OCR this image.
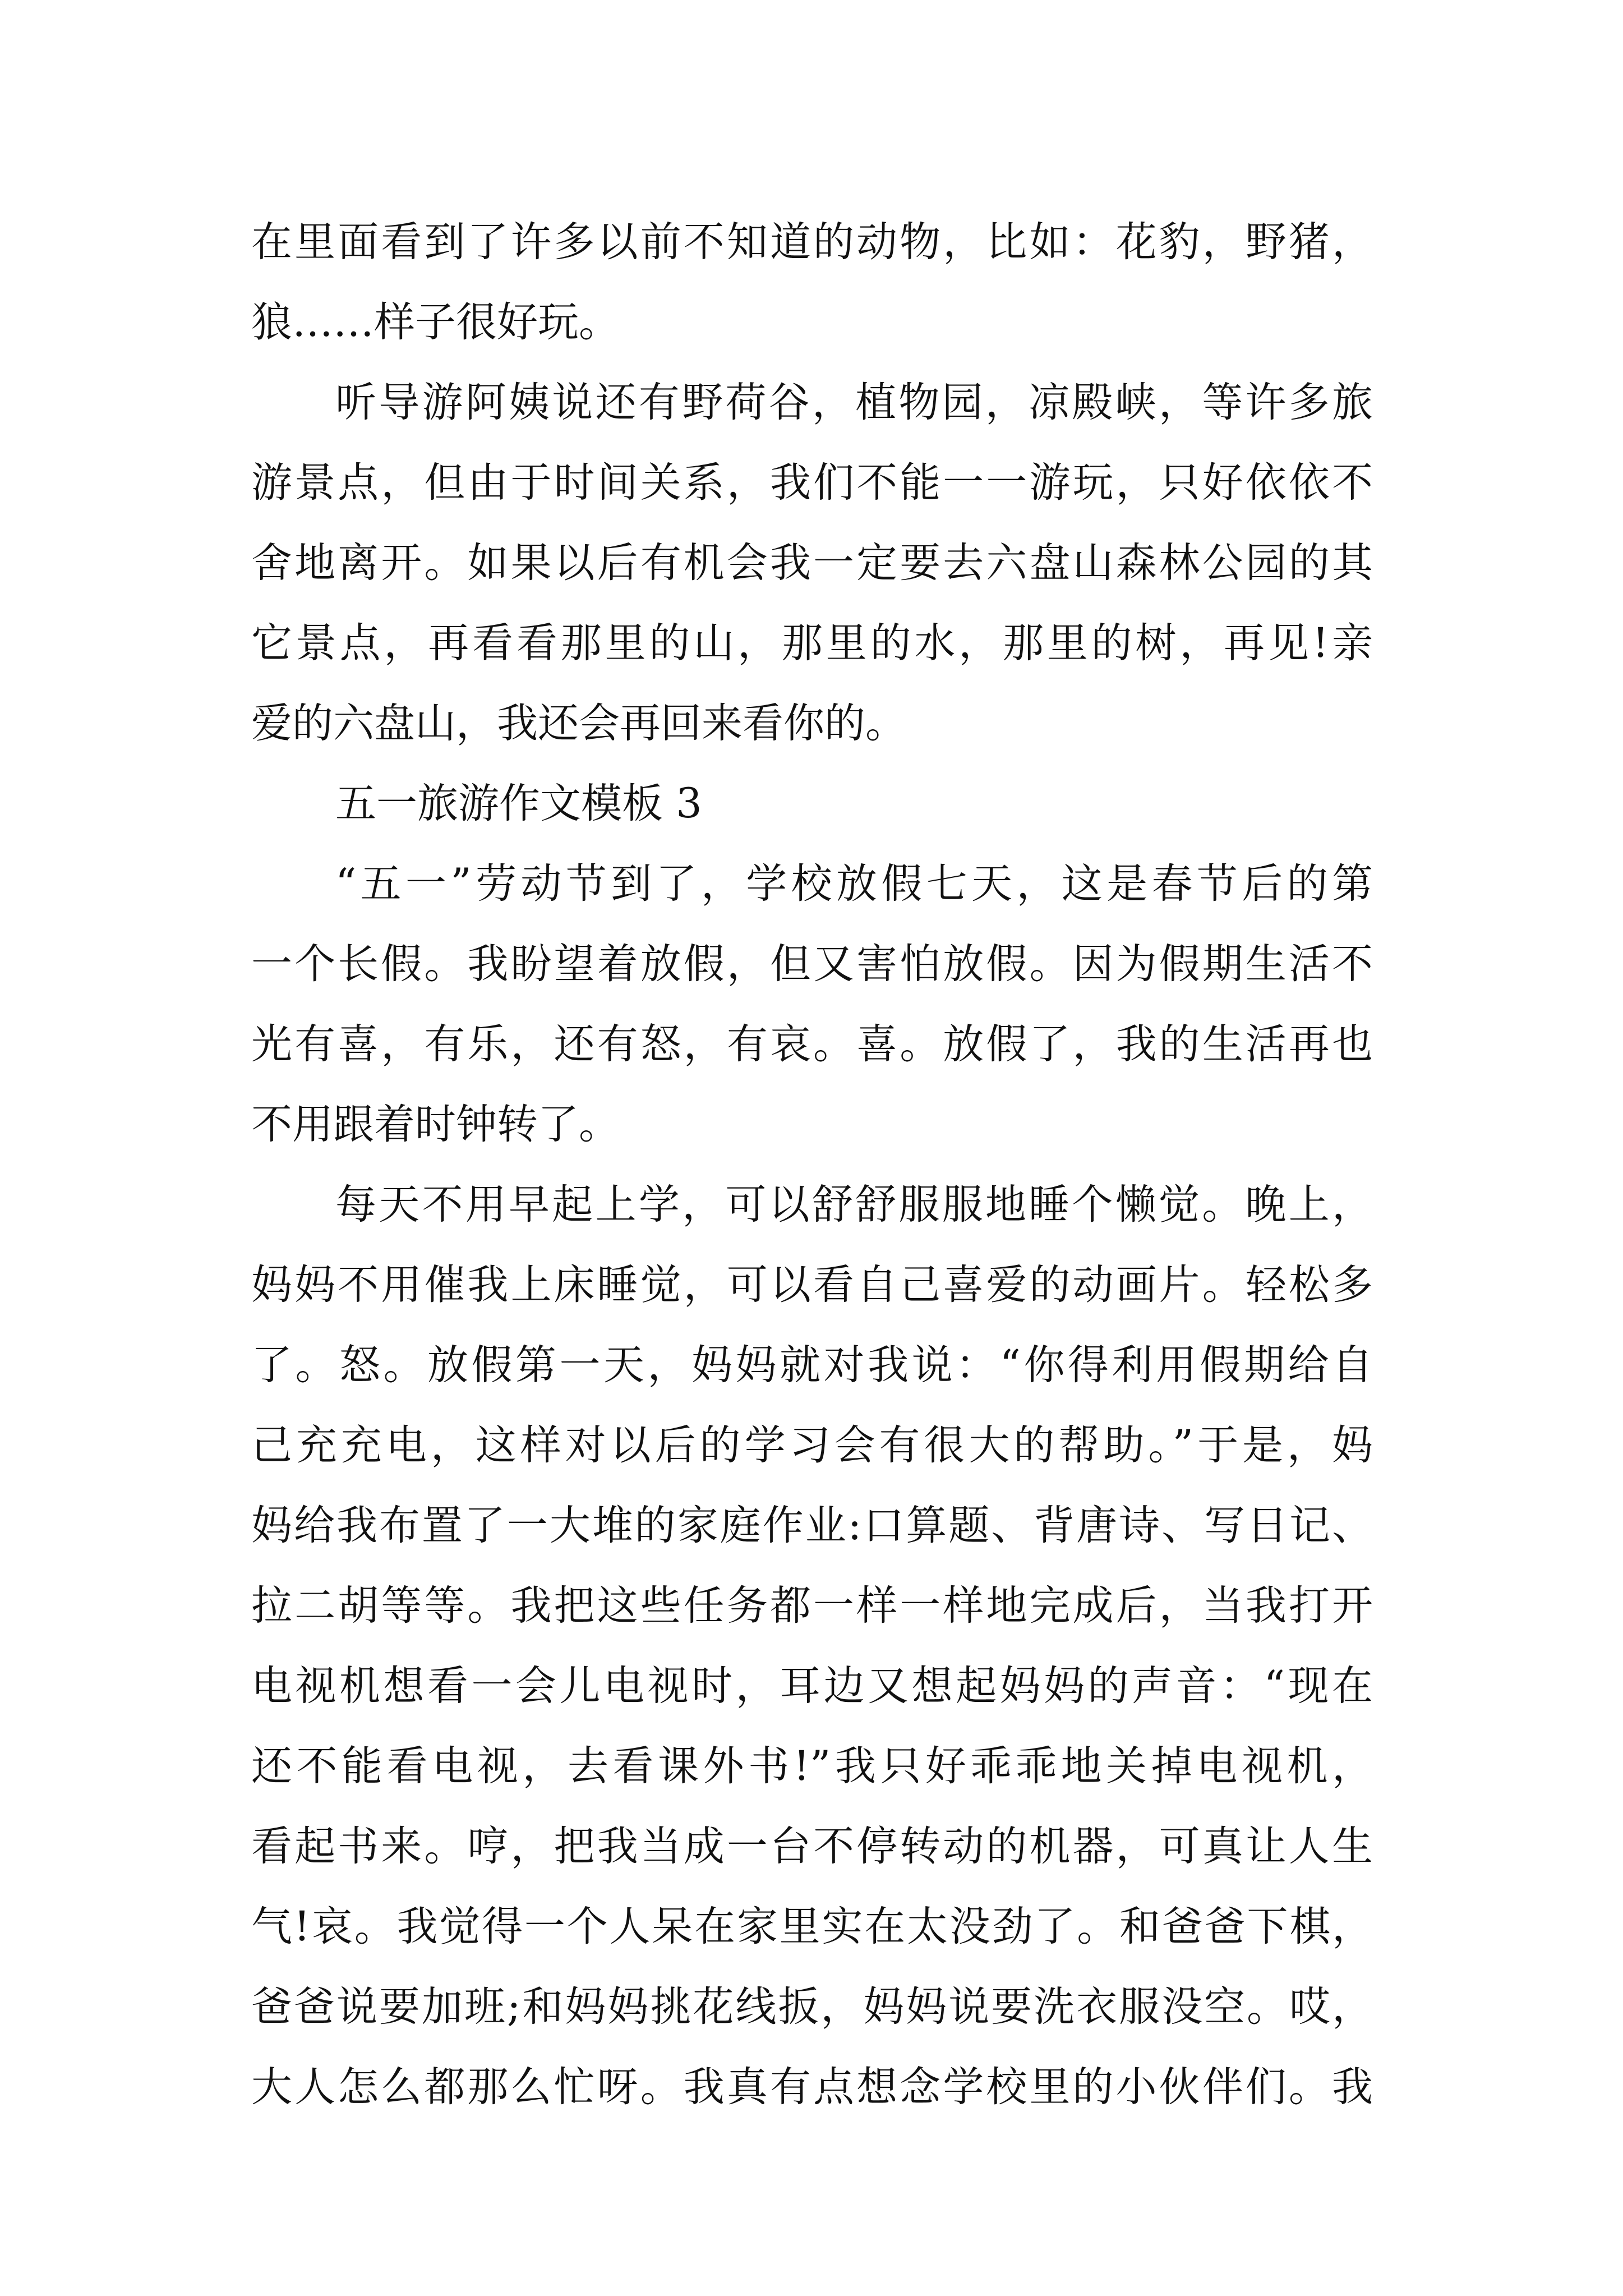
在里面看到了许多以前不知道的动物，比如：花豹，野猪，
狼……样子很好玩。
听导游阿姨说还有野荷谷，植物园，凉殿峡，等许多旅
游景点，但由于时间关系，我们不能一一游玩，只好依依不
舍地离开。如果以后有机会我一定要去六盘山森林公园的其
它景点，再看看那里的山，那里的水，那里的树，再见!亲
爱的六盘山，我还会再回来看你的。
五一旅游作文模板 3
“五一”劳动节到了，学校放假七天，这是春节后的第
一个长假。我盼望着放假，但又害怕放假。因为假期生活不
光有喜，有乐，还有怒，有哀。喜。放假了，我的生活再也
不用跟着时钟转了。
每天不用早起上学，可以舒舒服服地睡个懒觉。晚上，
妈妈不用催我上床睡觉，可以看自己喜爱的动画片。轻松多
了。怒。放假第一天，妈妈就对我说：“你得利用假期给自
己充充电，这样对以后的学习会有很大的帮助。”于是，妈
妈给我布置了一大堆的家庭作业:口算题、背唐诗、写日记、
拉二胡等等。我把这些任务都一样一样地完成后，当我打开
电视机想看一会儿电视时，耳边又想起妈妈的声音：“现在
还不能看电视，去看课外书!”我只好乖乖地关掉电视机，
看起书来。哼，把我当成一台不停转动的机器，可真让人生
气!哀。我觉得一个人呆在家里实在太没劲了。和爸爸下棋，
爸爸说要加班;和妈妈挑花线扳，妈妈说要洗衣服没空。哎，
大人怎么都那么忙呀。我真有点想念学校里的小伙伴们。我
